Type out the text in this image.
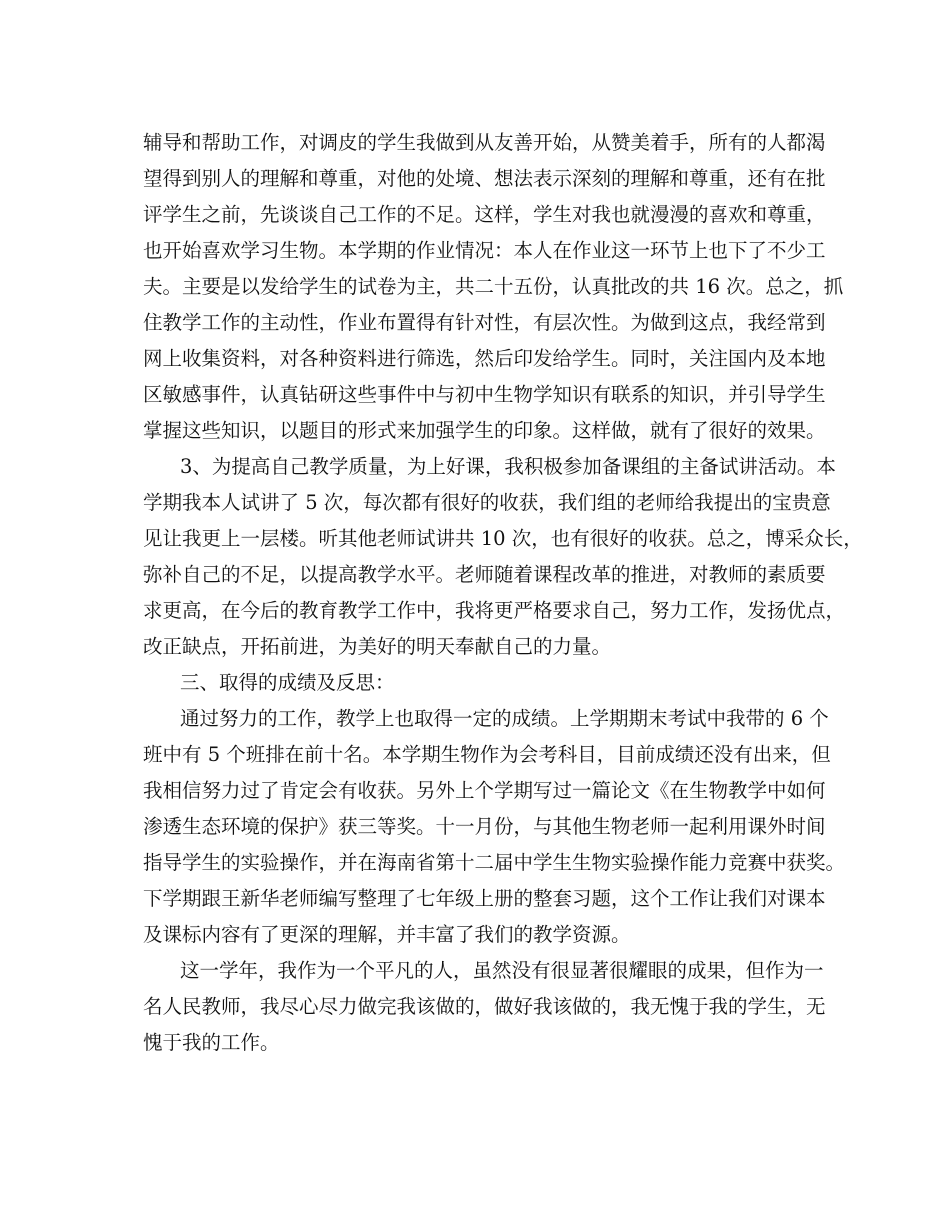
辅导和帮助工作，对调皮的学生我做到从友善开始，从赞美着手，所有的人都渴
望得到别人的理解和尊重，对他的处境、想法表示深刻的理解和尊重，还有在批
评学生之前，先谈谈自己工作的不足。这样，学生对我也就漫漫的喜欢和尊重，
也开始喜欢学习生物。本学期的作业情况：本人在作业这一环节上也下了不少工
夫。主要是以发给学生的试卷为主，共二十五份，认真批改的共 16 次。总之，抓
住教学工作的主动性，作业布置得有针对性，有层次性。为做到这点，我经常到
网上收集资料，对各种资料进行筛选，然后印发给学生。同时，关注国内及本地
区敏感事件，认真钻研这些事件中与初中生物学知识有联系的知识，并引导学生
掌握这些知识，以题目的形式来加强学生的印象。这样做，就有了很好的效果。
3、为提高自己教学质量，为上好课，我积极参加备课组的主备试讲活动。本
学期我本人试讲了 5 次，每次都有很好的收获，我们组的老师给我提出的宝贵意
见让我更上一层楼。听其他老师试讲共 10 次，也有很好的收获。总之，博采众长，
弥补自己的不足，以提高教学水平。老师随着课程改革的推进，对教师的素质要
求更高，在今后的教育教学工作中，我将更严格要求自己，努力工作，发扬优点，
改正缺点，开拓前进，为美好的明天奉献自己的力量。
三、取得的成绩及反思：
通过努力的工作，教学上也取得一定的成绩。上学期期末考试中我带的 6 个
班中有 5 个班排在前十名。本学期生物作为会考科目，目前成绩还没有出来，但
我相信努力过了肯定会有收获。另外上个学期写过一篇论文《在生物教学中如何
渗透生态环境的保护》获三等奖。十一月份，与其他生物老师一起利用课外时间
指导学生的实验操作，并在海南省第十二届中学生生物实验操作能力竞赛中获奖。
下学期跟王新华老师编写整理了七年级上册的整套习题，这个工作让我们对课本
及课标内容有了更深的理解，并丰富了我们的教学资源。
这一学年，我作为一个平凡的人，虽然没有很显著很耀眼的成果，但作为一
名人民教师，我尽心尽力做完我该做的，做好我该做的，我无愧于我的学生，无
愧于我的工作。
